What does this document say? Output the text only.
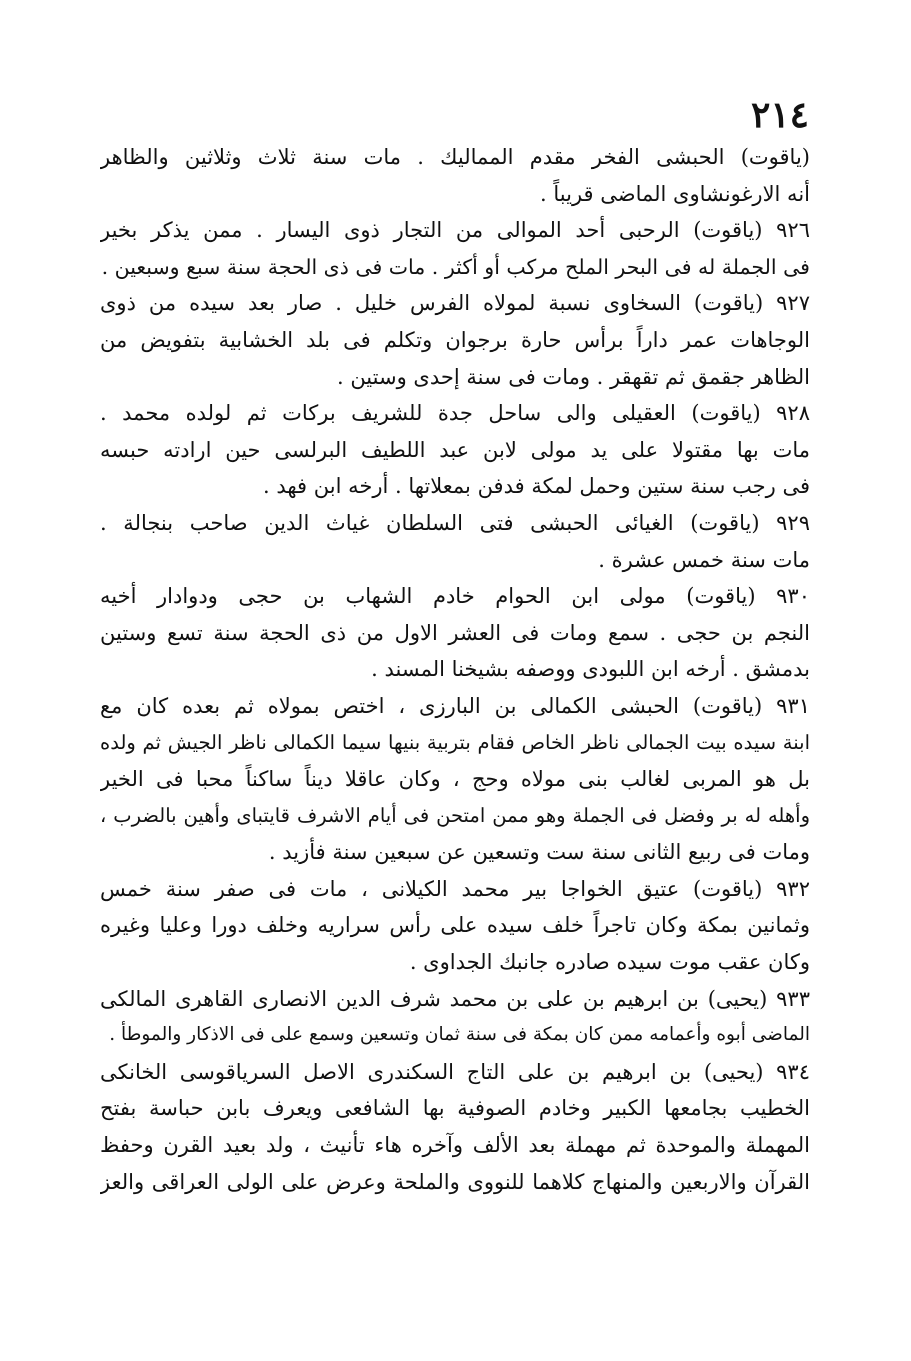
٢١٤
(ياقوت) الحبشى الفخر مقدم المماليك . مات سنة ثلاث وثلاثين والظاهر
أنه الارغونشاوى الماضى قريباً .
٩٢٦ (ياقوت) الرحبى أحد الموالى من التجار ذوى اليسار . ممن يذكر بخير
فى الجملة له فى البحر الملح مركب أو أكثر . مات فى ذى الحجة سنة سبع وسبعين .
٩٢٧ (ياقوت) السخاوى نسبة لمولاه الفرس خليل . صار بعد سيده من ذوى
الوجاهات عمر داراً برأس حارة برجوان وتكلم فى بلد الخشابية بتفويض من
الظاهر جقمق ثم تقهقر . ومات فى سنة إحدى وستين .
٩٢٨ (ياقوت) العقيلى والى ساحل جدة للشريف بركات ثم لولده محمد .
مات بها مقتولا على يد مولى لابن عبد اللطيف البرلسى حين ارادته حبسه
فى رجب سنة ستين وحمل لمكة فدفن بمعلاتها . أرخه ابن فهد .
٩٢٩ (ياقوت) الغيائى الحبشى فتى السلطان غياث الدين صاحب بنجالة .
مات سنة خمس عشرة .
٩٣٠ (ياقوت) مولى ابن الحوام خادم الشهاب بن حجى ودوادار أخيه
النجم بن حجى . سمع ومات فى العشر الاول من ذى الحجة سنة تسع وستين
بدمشق . أرخه ابن اللبودى ووصفه بشيخنا المسند .
٩٣١ (ياقوت) الحبشى الكمالى بن البارزى ، اختص بمولاه ثم بعده كان مع
ابنة سيده بيت الجمالى ناظر الخاص فقام بتربية بنيها سيما الكمالى ناظر الجيش ثم ولده
بل هو المربى لغالب بنى مولاه وحج ، وكان عاقلا ديناً ساكناً محبا فى الخير
وأهله له بر وفضل فى الجملة وهو ممن امتحن فى أيام الاشرف قايتباى وأهين بالضرب ،
ومات فى ربيع الثانى سنة ست وتسعين عن سبعين سنة فأزيد .
٩٣٢ (ياقوت) عتيق الخواجا بير محمد الكيلانى ، مات فى صفر سنة خمس
وثمانين بمكة وكان تاجراً خلف سيده على رأس سراريه وخلف دورا وعليا وغيره
وكان عقب موت سيده صادره جانبك الجداوى .
٩٣٣ (يحيى) بن ابرهيم بن على بن محمد شرف الدين الانصارى القاهرى المالكى
الماضى أبوه وأعمامه ممن كان بمكة فى سنة ثمان وتسعين وسمع على فى الاذكار والموطأ .
٩٣٤ (يحيى) بن ابرهيم بن على التاج السكندرى الاصل السرياقوسى الخانكى
الخطيب بجامعها الكبير وخادم الصوفية بها الشافعى ويعرف بابن حباسة بفتح
المهملة والموحدة ثم مهملة بعد الألف وآخره هاء تأنيث ، ولد بعيد القرن وحفظ
القرآن والاربعين والمنهاج كلاهما للنووى والملحة وعرض على الولى العراقى والعز
